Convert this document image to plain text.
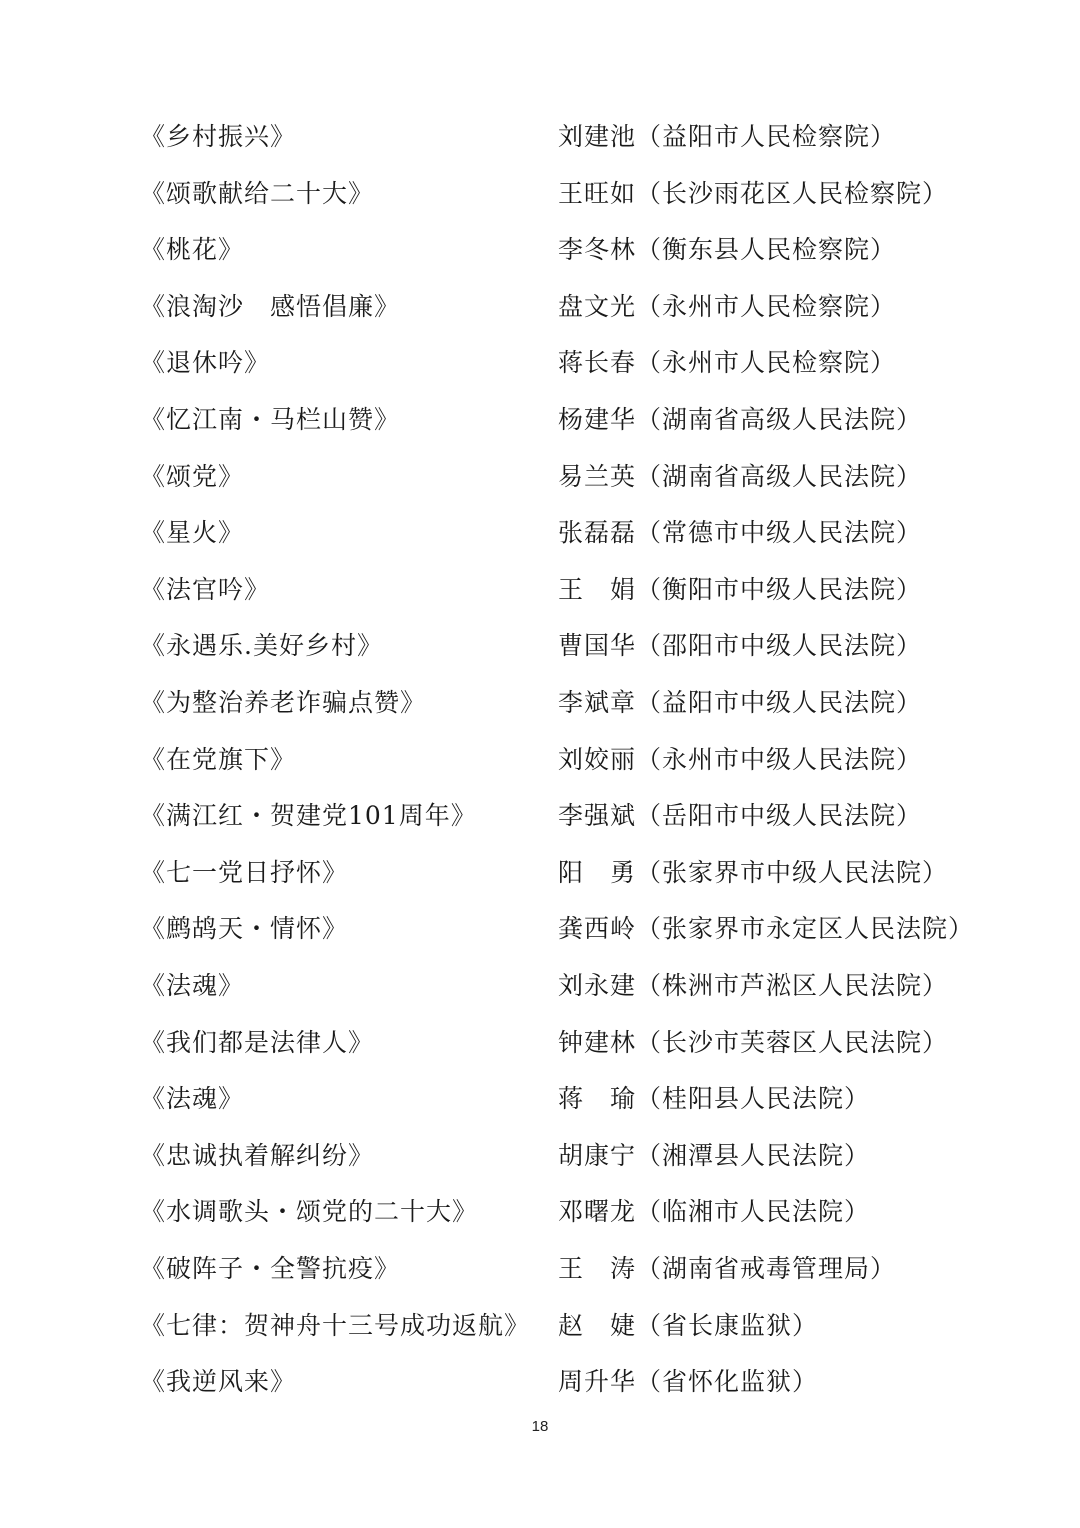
《乡村振兴》	刘建池（益阳市人民检察院）
《颂歌献给二十大》	王旺如（长沙雨花区人民检察院）
《桃花》	李冬林（衡东县人民检察院）
《浪淘沙　感悟倡廉》	盘文光（永州市人民检察院）
《退休吟》	蒋长春（永州市人民检察院）
《忆江南・马栏山赞》	杨建华（湖南省高级人民法院）
《颂党》	易兰英（湖南省高级人民法院）
《星火》	张磊磊（常德市中级人民法院）
《法官吟》	王　娟（衡阳市中级人民法院）
《永遇乐.美好乡村》	曹国华（邵阳市中级人民法院）
《为整治养老诈骗点赞》	李斌章（益阳市中级人民法院）
《在党旗下》	刘姣丽（永州市中级人民法院）
《满江红・贺建党101周年》	李强斌（岳阳市中级人民法院）
《七一党日抒怀》	阳　勇（张家界市中级人民法院）
《鹧鸪天・情怀》	龚西岭（张家界市永定区人民法院）
《法魂》	刘永建（株洲市芦淞区人民法院）
《我们都是法律人》	钟建林（长沙市芙蓉区人民法院）
《法魂》	蒋　瑜（桂阳县人民法院）
《忠诚执着解纠纷》	胡康宁（湘潭县人民法院）
《水调歌头・颂党的二十大》	邓曙龙（临湘市人民法院）
《破阵子・全警抗疫》	王　涛（湖南省戒毒管理局）
《七律：贺神舟十三号成功返航》	赵　婕（省长康监狱）
《我逆风来》	周升华（省怀化监狱）
18
